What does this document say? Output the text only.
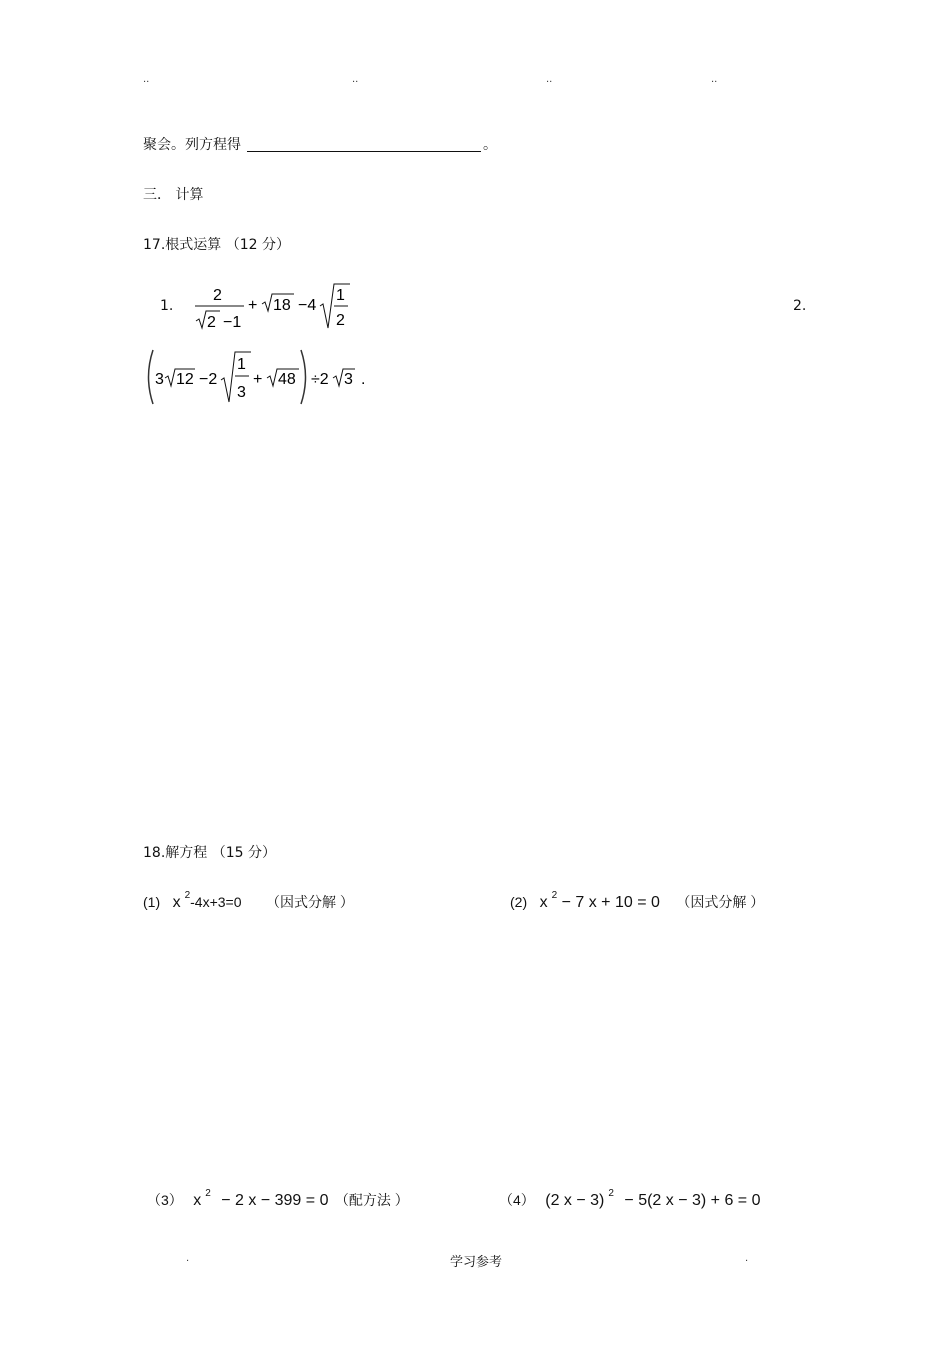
..	..	..	..
聚会。列方程得	。
三． 计算
17.根式运算 （12 分）
1.
2
2 −1
+ 18 −4
1
2
2.
3 12 −2
1
3
+ 48 ÷2 3 .
18.解方程 （15 分）
(1) x $^2$-4x+3=0 （因式分解 ）	(2) x $^2$ − 7 x + 10 = 0 （因式分解 ）
（3） x $^2$ − 2 x − 399 = 0 （配方法 ）	（4） (2 x − 3) $^2$ − 5(2 x − 3) + 6 = 0
.	学习参考	.
